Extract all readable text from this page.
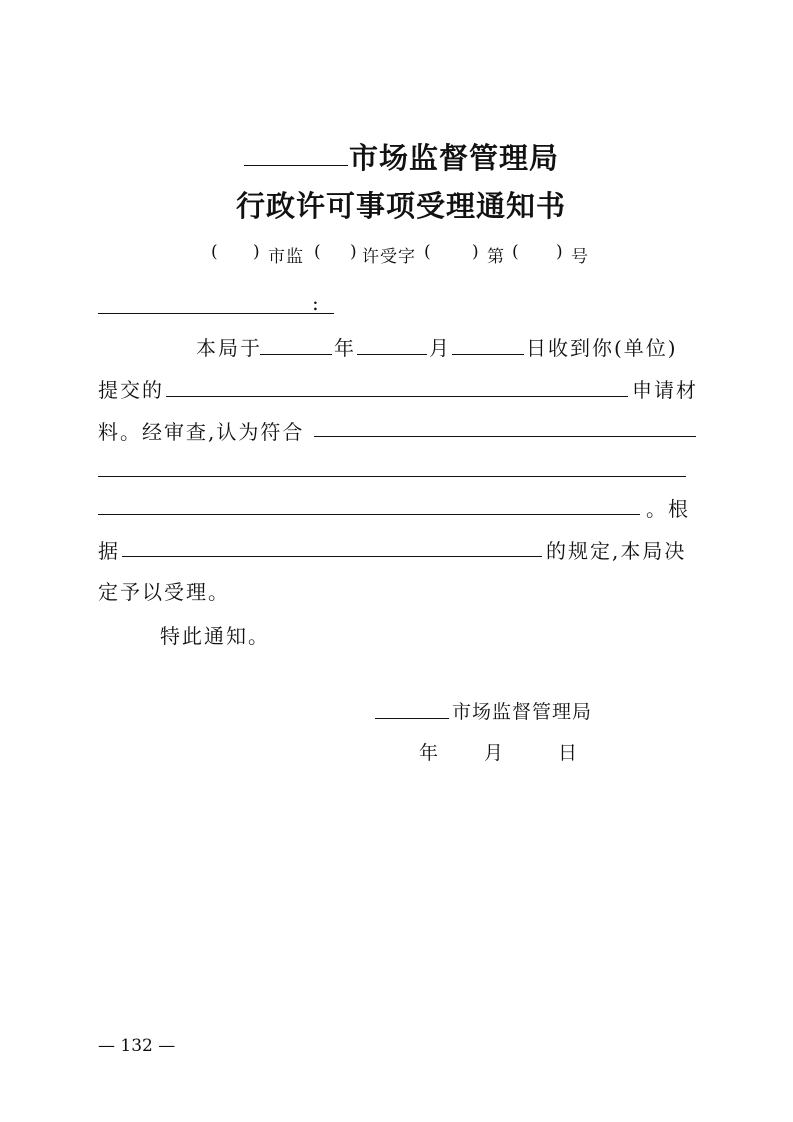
市场监督管理局
行政许可事项受理通知书
( ) 市监 ( ) 许受字 ( ) 第 ( ) 号
:
本局于	年	月	日收到你(单位)
提交的	申请材
料。经审查,认为符合
。根
据	的规定,本局决
定予以受理。
特此通知。
市场监督管理局
年 月	日
— 132 —
